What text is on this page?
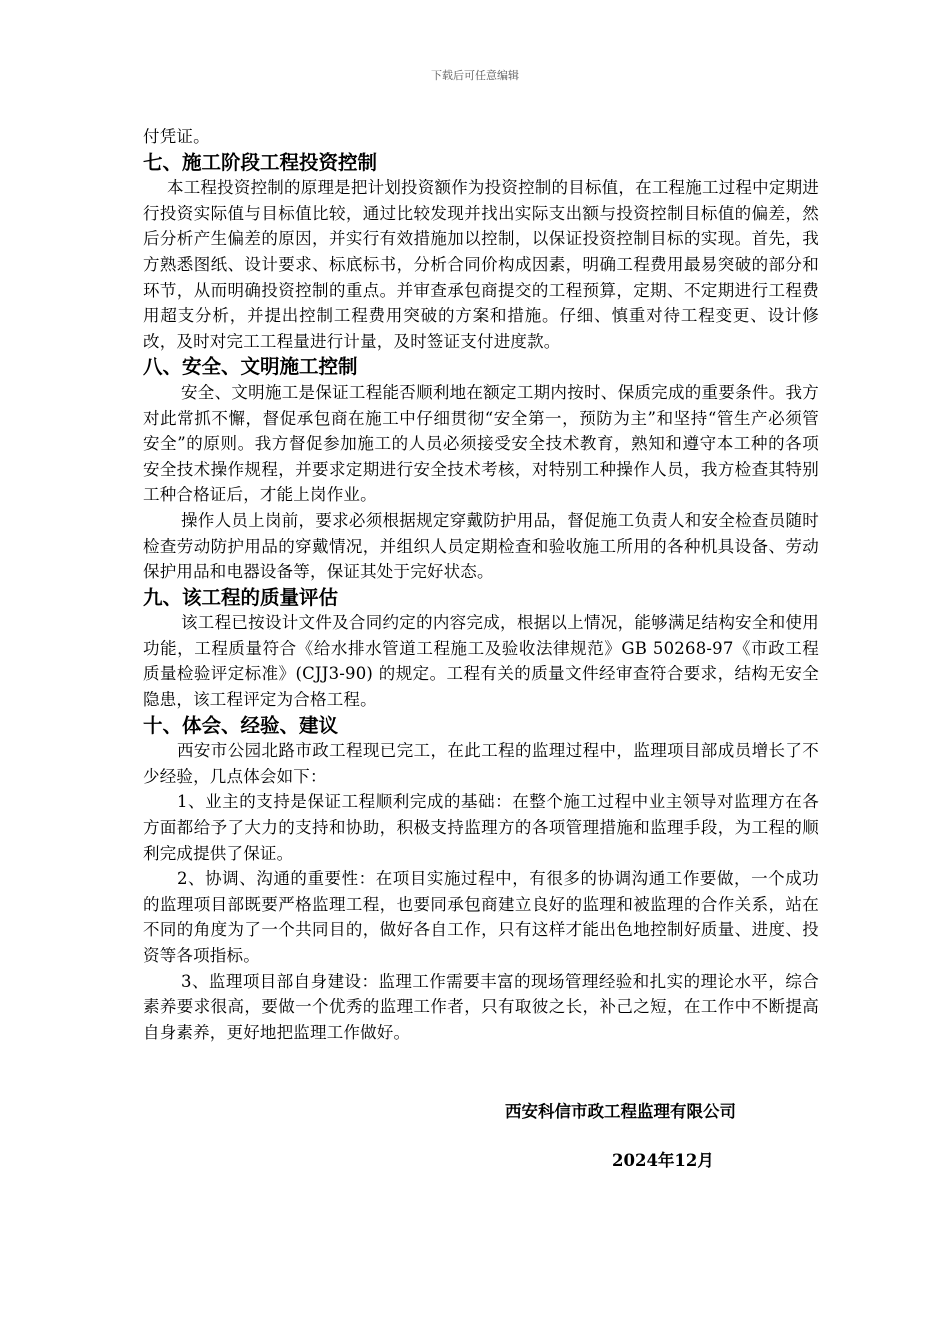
下载后可任意编辑

付凭证。

七、施工阶段工程投资控制

本工程投资控制的原理是把计划投资额作为投资控制的目标值，在工程施工过程中定期进行投资实际值与目标值比较，通过比较发现并找出实际支出额与投资控制目标值的偏差，然后分析产生偏差的原因，并实行有效措施加以控制，以保证投资控制目标的实现。首先，我方熟悉图纸、设计要求、标底标书，分析合同价构成因素，明确工程费用最易突破的部分和环节，从而明确投资控制的重点。并审查承包商提交的工程预算，定期、不定期进行工程费用超支分析，并提出控制工程费用突破的方案和措施。仔细、慎重对待工程变更、设计修改，及时对完工工程量进行计量，及时签证支付进度款。

八、安全、文明施工控制

安全、文明施工是保证工程能否顺利地在额定工期内按时、保质完成的重要条件。我方对此常抓不懈，督促承包商在施工中仔细贯彻“安全第一，预防为主”和坚持“管生产必须管安全”的原则。我方督促参加施工的人员必须接受安全技术教育，熟知和遵守本工种的各项安全技术操作规程，并要求定期进行安全技术考核，对特别工种操作人员，我方检查其特别工种合格证后，才能上岗作业。

操作人员上岗前，要求必须根据规定穿戴防护用品，督促施工负责人和安全检查员随时检查劳动防护用品的穿戴情况，并组织人员定期检查和验收施工所用的各种机具设备、劳动保护用品和电器设备等，保证其处于完好状态。

九、该工程的质量评估

该工程已按设计文件及合同约定的内容完成，根据以上情况，能够满足结构安全和使用功能，工程质量符合《给水排水管道工程施工及验收法律规范》GB 50268-97《市政工程质量检验评定标准》(CJJ3-90) 的规定。工程有关的质量文件经审查符合要求，结构无安全隐患，该工程评定为合格工程。

十、体会、经验、建议

西安市公园北路市政工程现已完工，在此工程的监理过程中，监理项目部成员增长了不少经验，几点体会如下：

1、业主的支持是保证工程顺利完成的基础：在整个施工过程中业主领导对监理方在各方面都给予了大力的支持和协助，积极支持监理方的各项管理措施和监理手段，为工程的顺利完成提供了保证。

2、协调、沟通的重要性：在项目实施过程中，有很多的协调沟通工作要做，一个成功的监理项目部既要严格监理工程，也要同承包商建立良好的监理和被监理的合作关系，站在不同的角度为了一个共同目的，做好各自工作，只有这样才能出色地控制好质量、进度、投资等各项指标。

3、监理项目部自身建设：监理工作需要丰富的现场管理经验和扎实的理论水平，综合素养要求很高，要做一个优秀的监理工作者，只有取彼之长，补己之短，在工作中不断提高自身素养，更好地把监理工作做好。

西安科信市政工程监理有限公司
2024年12月
